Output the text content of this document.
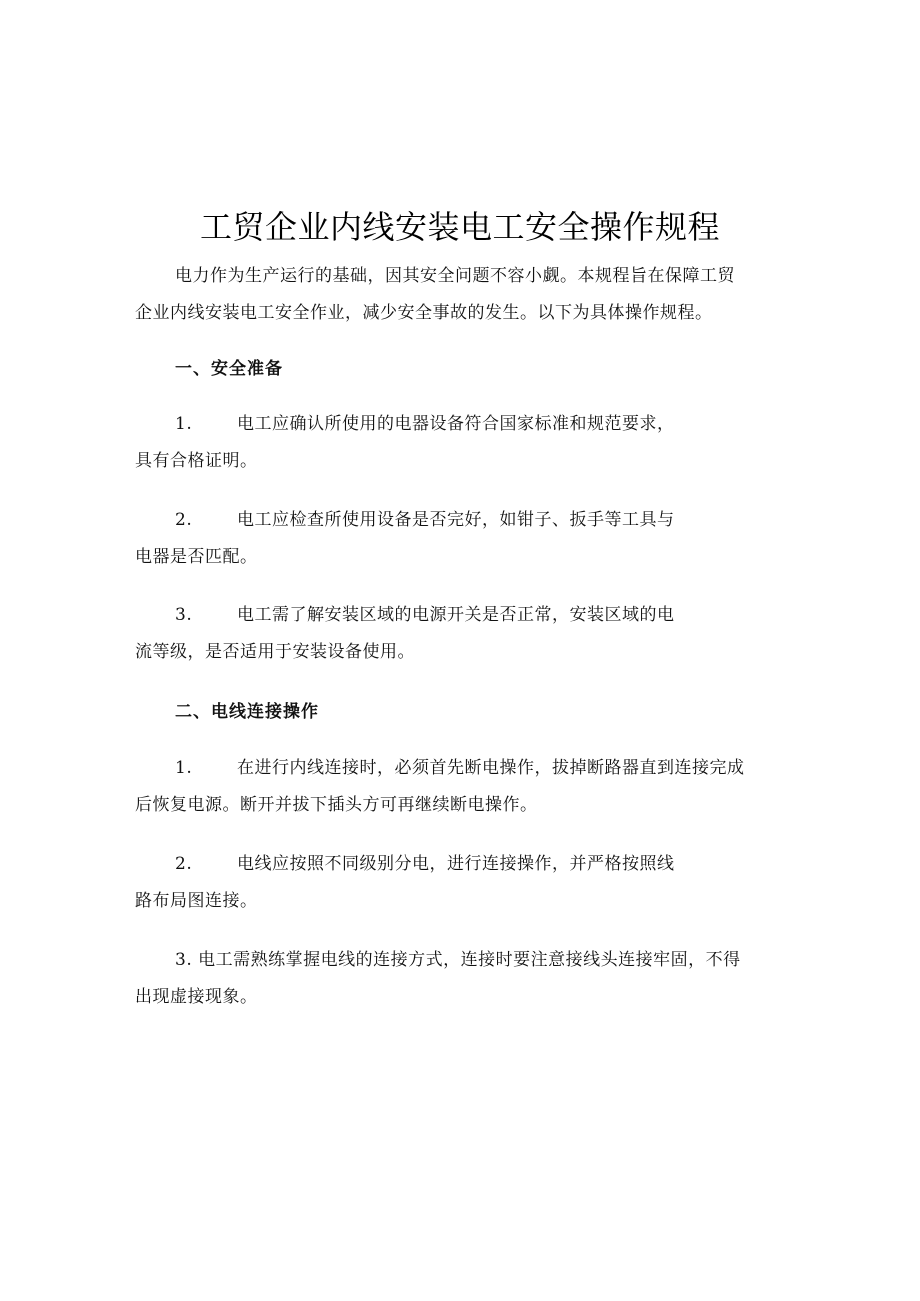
工贸企业内线安装电工安全操作规程
电力作为生产运行的基础，因其安全问题不容小觑。本规程旨在保障工贸
企业内线安装电工安全作业，减少安全事故的发生。以下为具体操作规程。
一、安全准备
1.	电工应确认所使用的电器设备符合国家标准和规范要求，
具有合格证明。
2.	电工应检查所使用设备是否完好，如钳子、扳手等工具与
电器是否匹配。
3.	电工需了解安装区域的电源开关是否正常，安装区域的电
流等级，是否适用于安装设备使用。
二、电线连接操作
1.	在进行内线连接时，必须首先断电操作，拔掉断路器直到连接完成
后恢复电源。断开并拔下插头方可再继续断电操作。
2.	电线应按照不同级别分电，进行连接操作，并严格按照线
路布局图连接。
3. 电工需熟练掌握电线的连接方式，连接时要注意接线头连接牢固，不得
出现虚接现象。
